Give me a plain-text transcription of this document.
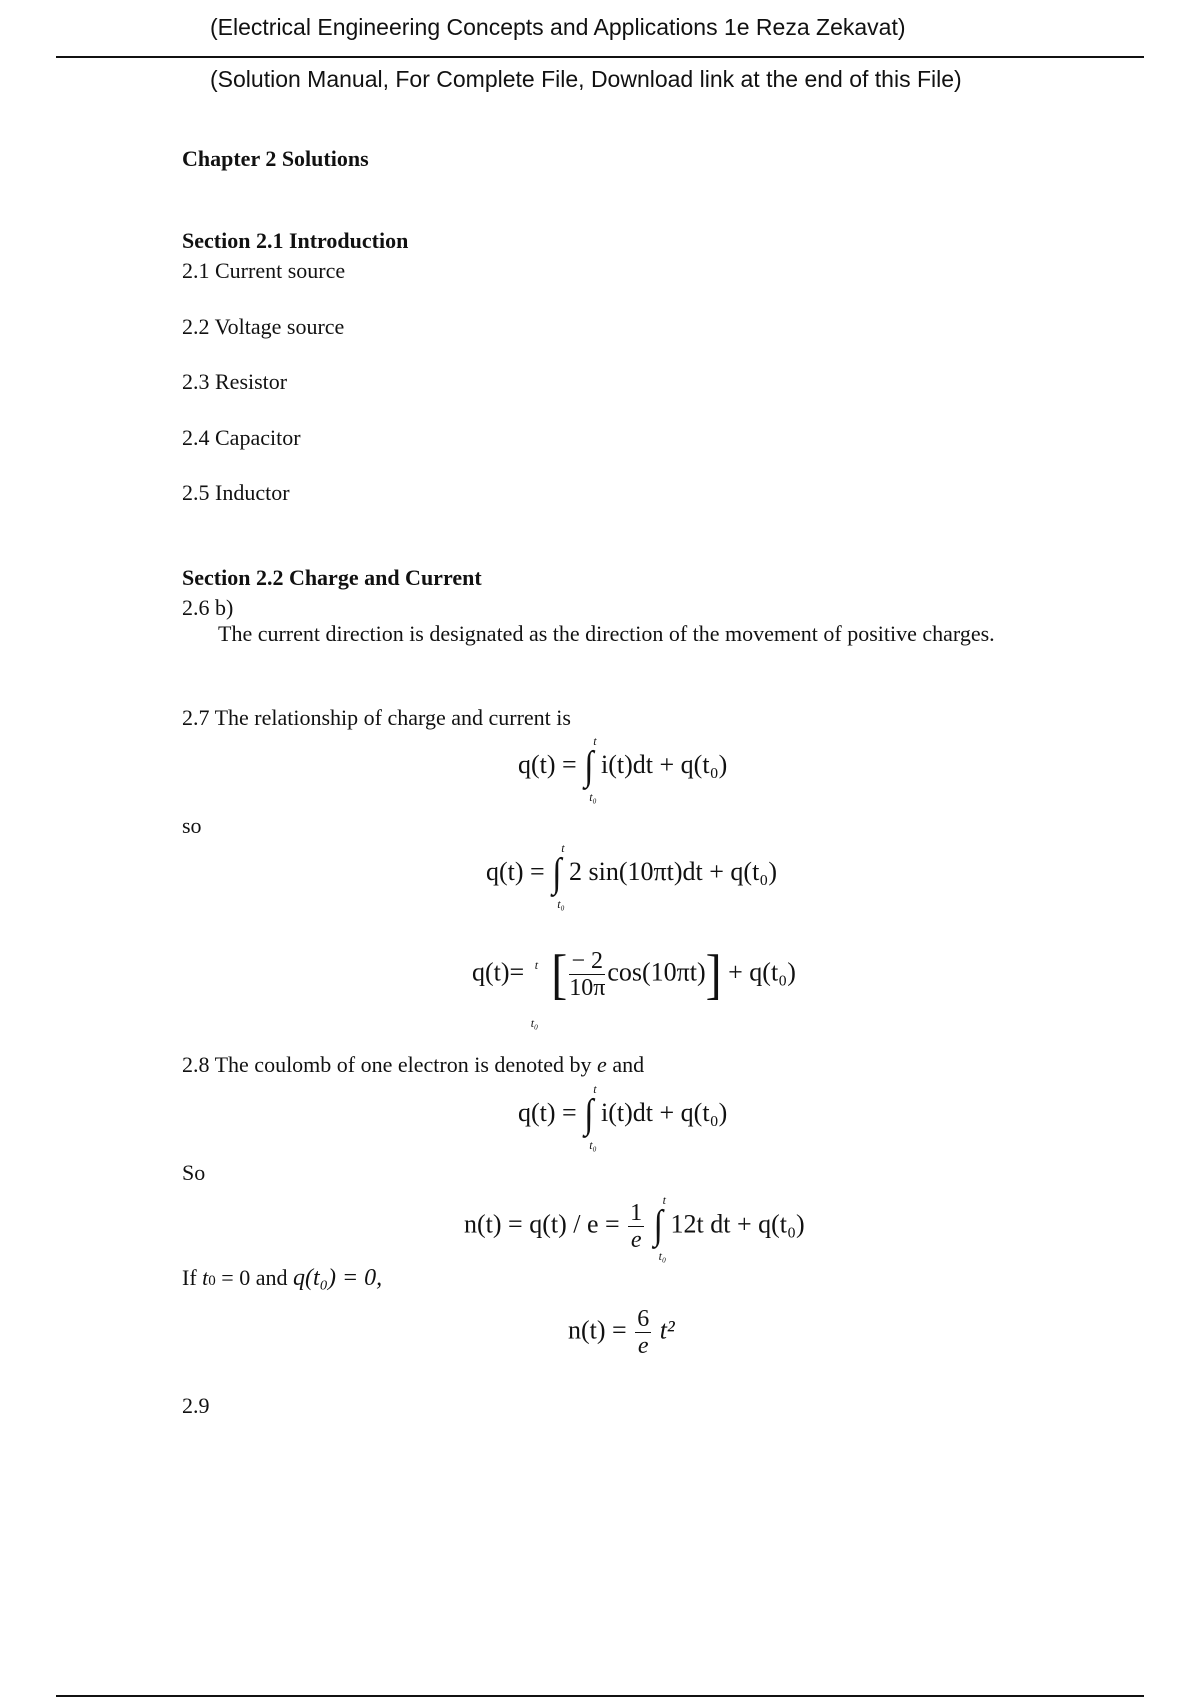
(Electrical Engineering Concepts and Applications 1e Reza Zekavat)
(Solution Manual, For Complete File, Download link at the end of this File)
Chapter 2 Solutions
Section 2.1 Introduction
2.1 Current source
2.2 Voltage source
2.3 Resistor
2.4 Capacitor
2.5 Inductor
Section 2.2 Charge and Current
2.6 b)
The current direction is designated as the direction of the movement of positive charges.
2.7 The relationship of charge and current is
q(t) =
t
∫
t₀
i(t)dt + q(t₀)
so
q(t) =
t
∫
t₀
2 sin(10πt)dt + q(t₀)
q(t)= t
t₀
[ $\frac{- 2}{10\pi} \cos(10\pi t)] + q(t_0)$
2.8 The coulomb of one electron is denoted by e and
q(t) =
t
∫
t₀
i(t)dt + q(t₀)
So
$n(t) = q(t) / e = \frac{1}{e}$
t
∫
t₀
12t dt + q(t₀)
If t0 = 0 and q(t₀) = 0,
$n(t) = \frac{6}{e} t^2$
2.9
